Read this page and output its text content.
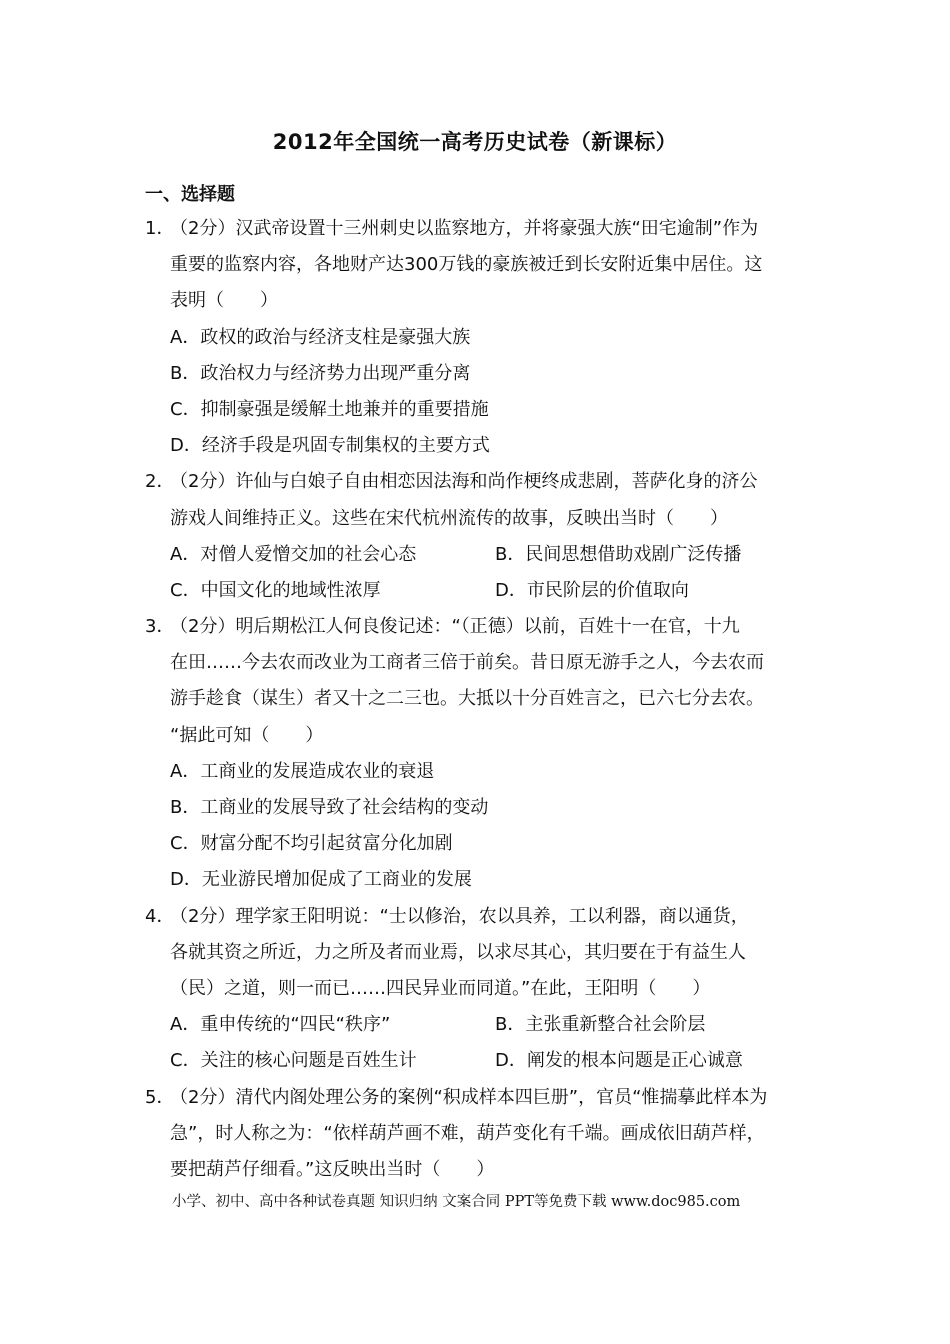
2012年全国统一高考历史试卷（新课标）
一、选择题
1．
（2分）汉武帝设置十三州刺史以监察地方，并将豪强大族“田宅逾制”作为
重要的监察内容，各地财产达300万钱的豪族被迁到长安附近集中居住。这
表明（　　）
A．政权的政治与经济支柱是豪强大族
B．政治权力与经济势力出现严重分离
C．抑制豪强是缓解土地兼并的重要措施
D．经济手段是巩固专制集权的主要方式
2．
（2分）许仙与白娘子自由相恋因法海和尚作梗终成悲剧，菩萨化身的济公
游戏人间维持正义。这些在宋代杭州流传的故事，反映出当时（　　）
A．对僧人爱憎交加的社会心态	B．民间思想借助戏剧广泛传播
C．中国文化的地域性浓厚	D．市民阶层的价值取向
3．
（2分）明后期松江人何良俊记述：“（正德）以前，百姓十一在官，十九
在田……今去农而改业为工商者三倍于前矣。昔日原无游手之人，今去农而
游手趁食（谋生）者又十之二三也。大抵以十分百姓言之，已六七分去农。
“据此可知（　　）
A．工商业的发展造成农业的衰退
B．工商业的发展导致了社会结构的变动
C．财富分配不均引起贫富分化加剧
D．无业游民增加促成了工商业的发展
4．
（2分）理学家王阳明说：“士以修治，农以具养，工以利器，商以通货，
各就其资之所近，力之所及者而业焉，以求尽其心，其归要在于有益生人
（民）之道，则一而已……四民异业而同道。”在此，王阳明（　　）
A．重申传统的“四民“秩序”	B．主张重新整合社会阶层
C．关注的核心问题是百姓生计	D．阐发的根本问题是正心诚意
5．
（2分）清代内阁处理公务的案例“积成样本四巨册”，官员“惟揣摹此样本为
急”，时人称之为：“依样葫芦画不难，葫芦变化有千端。画成依旧葫芦样，
要把葫芦仔细看。”这反映出当时（　　）
小学、初中、高中各种试卷真题 知识归纳 文案合同 PPT等免费下载 www.doc985.com
